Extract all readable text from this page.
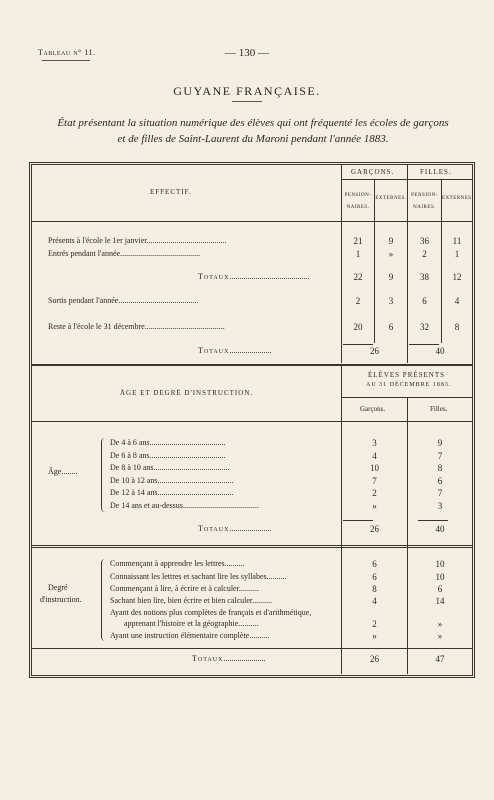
Tableau n° 11.	— 130 —
GUYANE FRANÇAISE.
État présentant la situation numérique des élèves qui ont fréquenté les écoles de garçons
et de filles de Saint-Laurent du Maroni pendant l'année 1883.
EFFECTIF.
GARÇONS.	FILLES.
PENSION-NAIRES.
EXTERNES.
PENSION-NAIRES.
EXTERNES.
Présents à l'école le 1er janvier........................................	21	9	36	11
Entrés pendant l'année........................................	1	»	2	1
Totaux........................................	22	9	38	12
Sortis pendant l'année........................................	2	3	6	4
Reste à l'école le 31 décembre........................................	20	6	32	8
Totaux.....................	26	40
ÂGE ET DEGRÉ D'INSTRUCTION.
ÉLÈVES PRÉSENTS
AU 31 DÉCEMBRE 1883.
Garçons.	Filles.
Âge........
De 4 à 6 ans......................................	3	9
De 6 à 8 ans......................................	4	7
De 8 à 10 ans......................................	10	8
De 10 à 12 ans......................................	7	6
De 12 à 14 ans......................................	2	7
De 14 ans et au-dessus......................................	»	3
Totaux.....................	26	40
Degré
d'instruction.
Commençant à apprendre les lettres..........	6	10
Connaissant les lettres et sachant lire les syllabes..........	6	10
Commençant à lire, à écrire et à calculer..........	8	6
Sachant bien lire, bien écrire et bien calculer..........	4	14
Ayant des notions plus complètes de français et d'arithmétique,
apprenant l'histoire et la géographie..........	2	»
Ayant une instruction élémentaire complète..........	»	»
Totaux.....................	26	47
